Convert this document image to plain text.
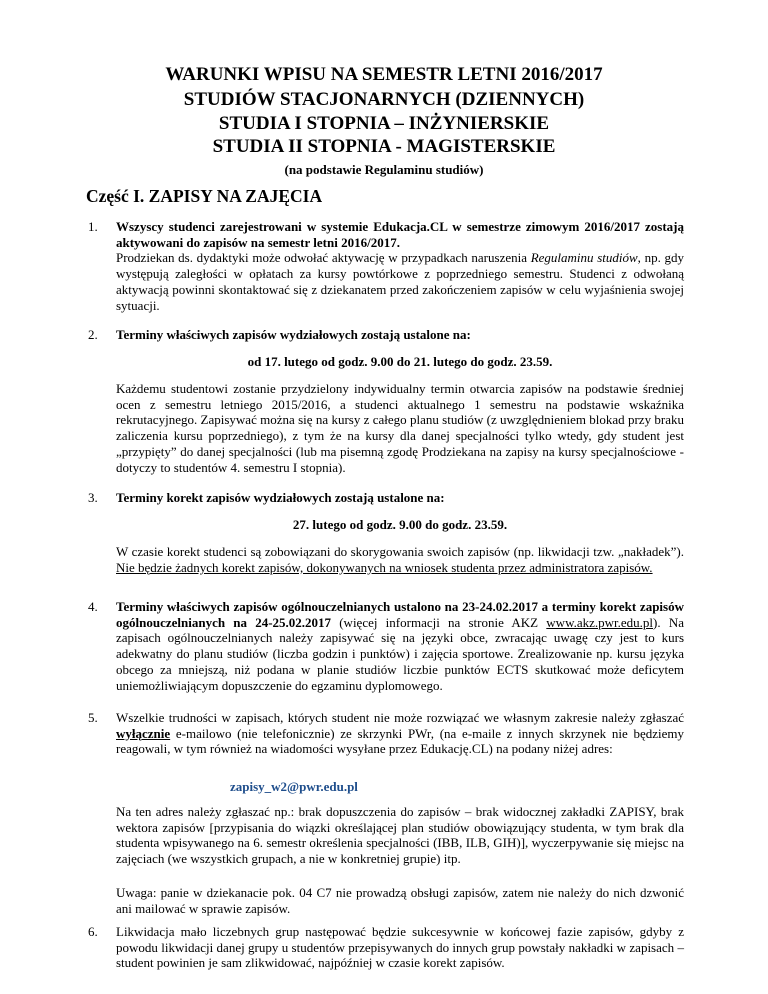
WARUNKI WPISU NA SEMESTR LETNI 2016/2017
STUDIÓW STACJONARNYCH (DZIENNYCH)
STUDIA I STOPNIA – INŻYNIERSKIE
STUDIA II STOPNIA - MAGISTERSKIE
(na podstawie Regulaminu studiów)
Część I. ZAPISY NA ZAJĘCIA
1. Wszyscy studenci zarejestrowani w systemie Edukacja.CL w semestrze zimowym 2016/2017 zostają aktywowani do zapisów na semestr letni 2016/2017.
Prodziekan ds. dydaktyki może odwołać aktywację w przypadkach naruszenia Regulaminu studiów, np. gdy występują zaległości w opłatach za kursy powtórkowe z poprzedniego semestru. Studenci z odwołaną aktywacją powinni skontaktować się z dziekanatem przed zakończeniem zapisów w celu wyjaśnienia swojej sytuacji.
2. Terminy właściwych zapisów wydziałowych zostają ustalone na:
od 17. lutego od godz. 9.00 do 21. lutego do godz. 23.59.
Każdemu studentowi zostanie przydzielony indywidualny termin otwarcia zapisów na podstawie średniej ocen z semestru letniego 2015/2016, a studenci aktualnego 1 semestru na podstawie wskaźnika rekrutacyjnego. Zapisywać można się na kursy z całego planu studiów (z uwzględnieniem blokad przy braku zaliczenia kursu poprzedniego), z tym że na kursy dla danej specjalności tylko wtedy, gdy student jest „przypięty” do danej specjalności (lub ma pisemną zgodę Prodziekana na zapisy na kursy specjalnościowe - dotyczy to studentów 4. semestru I stopnia).
3. Terminy korekt zapisów wydziałowych zostają ustalone na:
27. lutego od godz. 9.00 do godz. 23.59.
W czasie korekt studenci są zobowiązani do skorygowania swoich zapisów (np. likwidacji tzw. „nakładek”). Nie będzie żadnych korekt zapisów, dokonywanych na wniosek studenta przez administratora zapisów.
4. Terminy właściwych zapisów ogólnouczelnianych ustalono na 23-24.02.2017 a terminy korekt zapisów ogólnouczelnianych na 24-25.02.2017 (więcej informacji na stronie AKZ www.akz.pwr.edu.pl). Na zapisach ogólnouczelnianych należy zapisywać się na języki obce, zwracając uwagę czy jest to kurs adekwatny do planu studiów (liczba godzin i punktów) i zajęcia sportowe. Zrealizowanie np. kursu języka obcego za mniejszą, niż podana w planie studiów liczbie punktów ECTS skutkować może deficytem uniemożliwiającym dopuszczenie do egzaminu dyplomowego.
5. Wszelkie trudności w zapisach, których student nie może rozwiązać we własnym zakresie należy zgłaszać wyłącznie e-mailowo (nie telefonicznie) ze skrzynki PWr, (na e-maile z innych skrzynek nie będziemy reagowali, w tym również na wiadomości wysyłane przez Edukację.CL) na podany niżej adres:
zapisy_w2@pwr.edu.pl
Na ten adres należy zgłaszać np.: brak dopuszczenia do zapisów – brak widocznej zakładki ZAPISY, brak wektora zapisów [przypisania do wiązki określającej plan studiów obowiązujący studenta, w tym brak dla studenta wpisywanego na 6. semestr określenia specjalności (IBB, ILB, GIH)], wyczerpywanie się miejsc na zajęciach (we wszystkich grupach, a nie w konkretniej grupie) itp.
Uwaga: panie w dziekanacie pok. 04 C7 nie prowadzą obsługi zapisów, zatem nie należy do nich dzwonić ani mailować w sprawie zapisów.
6. Likwidacja mało liczebnych grup następować będzie sukcesywnie w końcowej fazie zapisów, gdyby z powodu likwidacji danej grupy u studentów przepisywanych do innych grup powstały nakładki w zapisach – student powinien je sam zlikwidować, najpóźniej w czasie korekt zapisów.
